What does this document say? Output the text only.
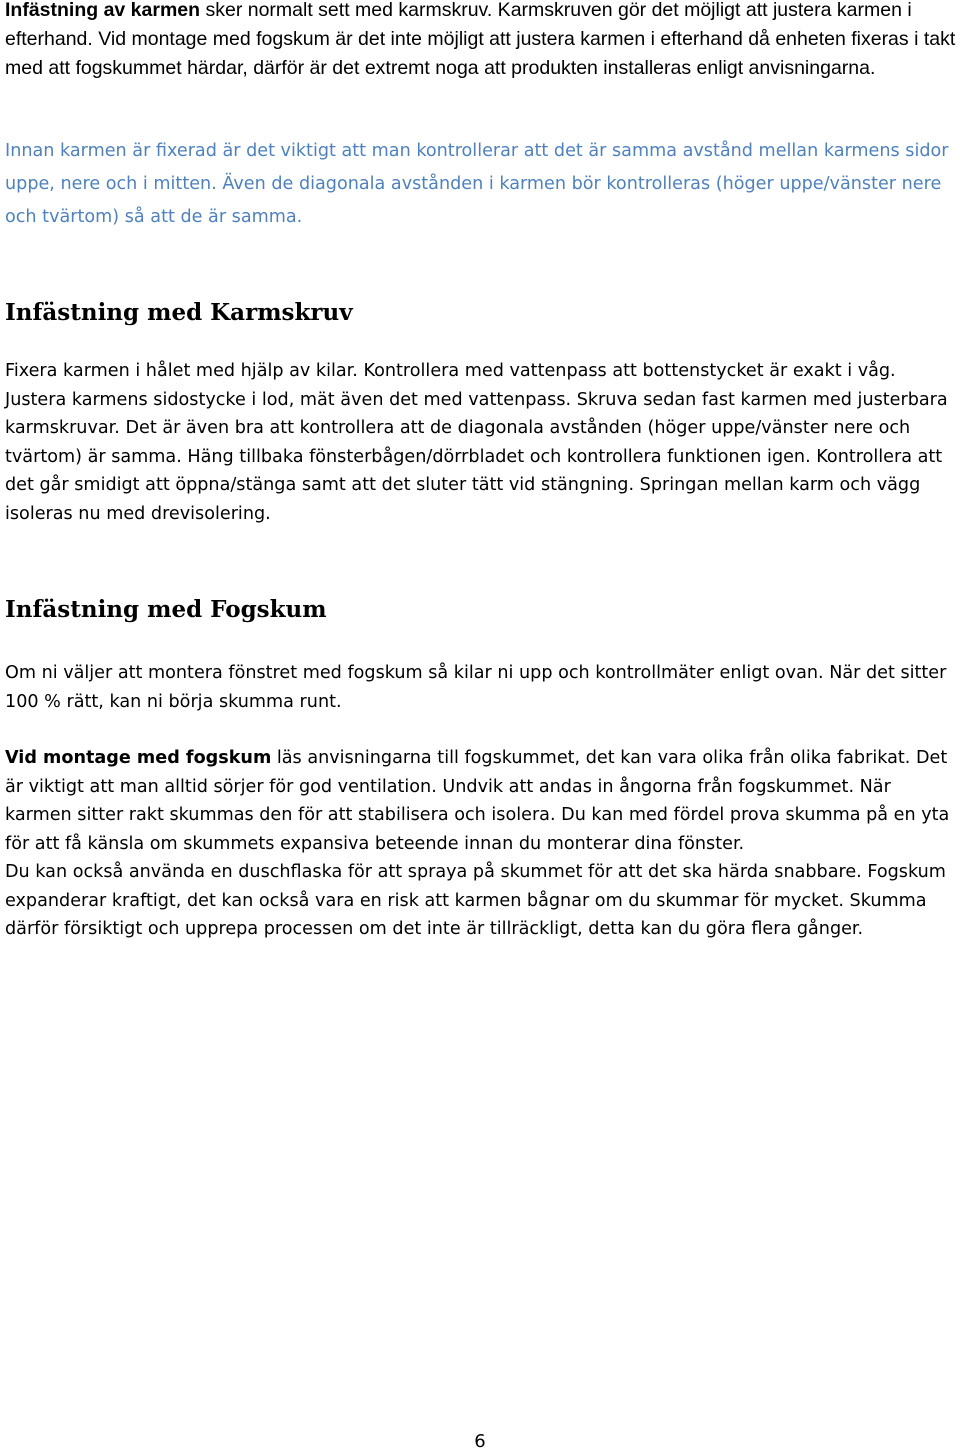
Infästning av karmen sker normalt sett med karmskruv. Karmskruven gör det möjligt att justera karmen i efterhand. Vid montage med fogskum är det inte möjligt att justera karmen i efterhand då enheten fixeras i takt med att fogskummet härdar, därför är det extremt noga att produkten installeras enligt anvisningarna.

Innan karmen är fixerad är det viktigt att man kontrollerar att det är samma avstånd mellan karmens sidor uppe, nere och i mitten. Även de diagonala avstånden i karmen bör kontrolleras (höger uppe/vänster nere och tvärtom) så att de är samma.

Infästning med Karmskruv

Fixera karmen i hålet med hjälp av kilar. Kontrollera med vattenpass att bottenstycket är exakt i våg. Justera karmens sidostycke i lod, mät även det med vattenpass. Skruva sedan fast karmen med justerbara karmskruvar. Det är även bra att kontrollera att de diagonala avstånden (höger uppe/vänster nere och tvärtom) är samma. Häng tillbaka fönsterbågen/dörrbladet och kontrollera funktionen igen. Kontrollera att det går smidigt att öppna/stänga samt att det sluter tätt vid stängning. Springan mellan karm och vägg isoleras nu med drevisolering.

Infästning med Fogskum

Om ni väljer att montera fönstret med fogskum så kilar ni upp och kontrollmäter enligt ovan. När det sitter 100 % rätt, kan ni börja skumma runt.

Vid montage med fogskum läs anvisningarna till fogskummet, det kan vara olika från olika fabrikat. Det är viktigt att man alltid sörjer för god ventilation. Undvik att andas in ångorna från fogskummet. När karmen sitter rakt skummas den för att stabilisera och isolera. Du kan med fördel prova skumma på en yta för att få känsla om skummets expansiva beteende innan du monterar dina fönster.

Du kan också använda en duschflaska för att spraya på skummet för att det ska härda snabbare. Fogskum expanderar kraftigt, det kan också vara en risk att karmen bågnar om du skummar för mycket. Skumma därför försiktigt och upprepa processen om det inte är tillräckligt, detta kan du göra flera gånger.

6
